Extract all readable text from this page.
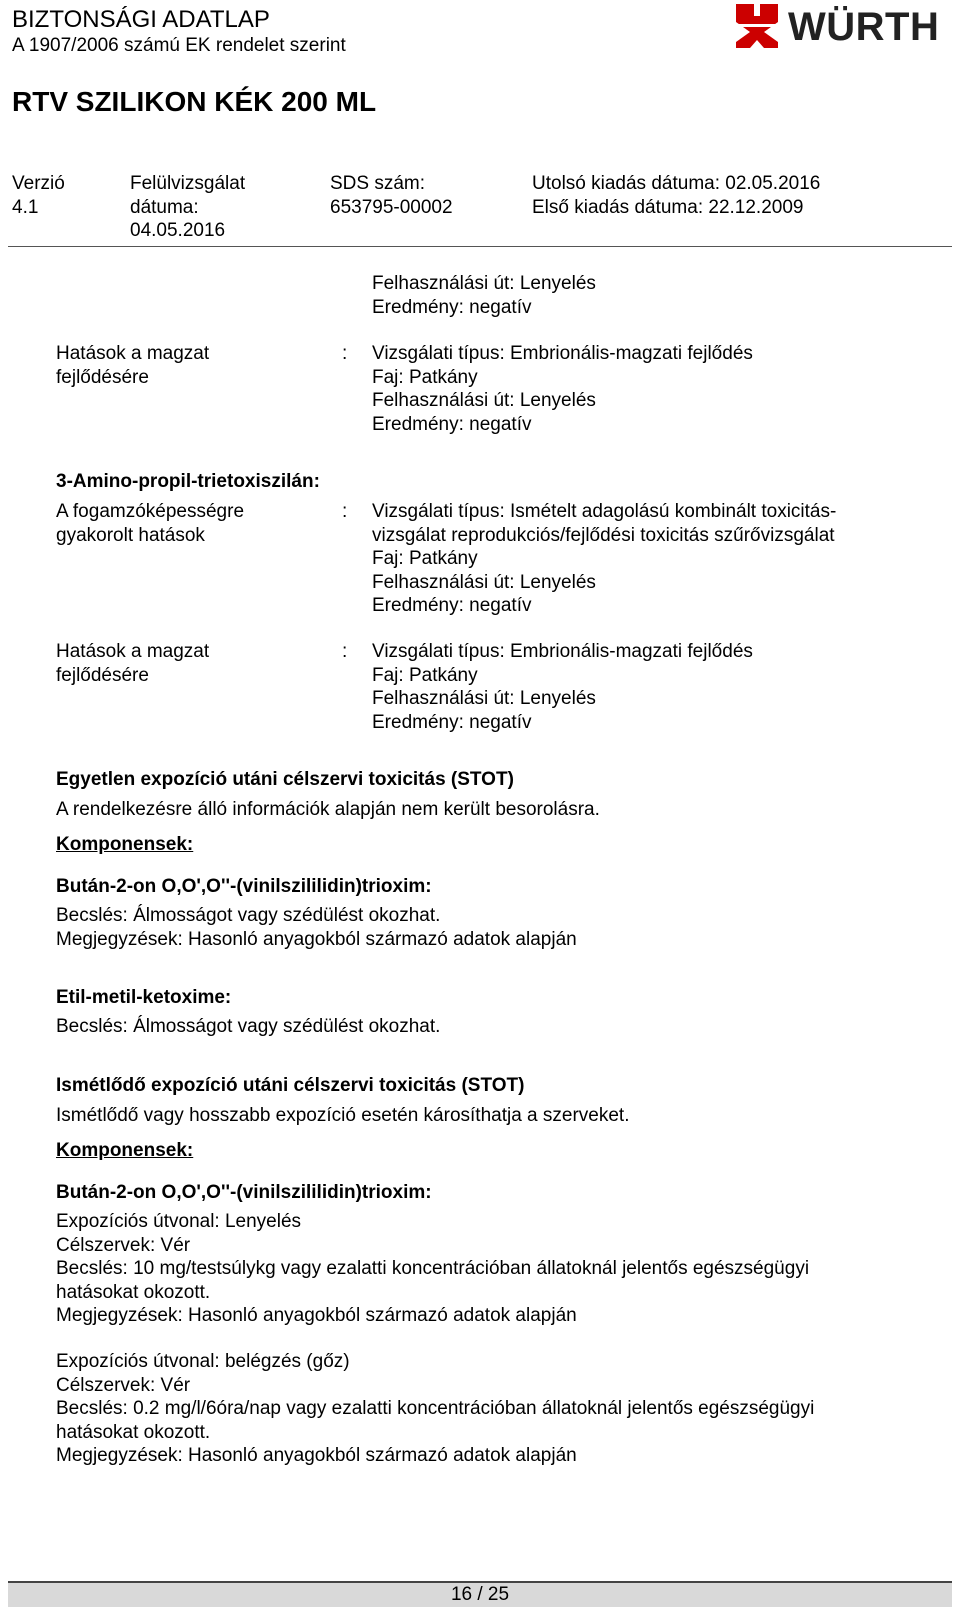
BIZTONSÁGI ADATLAP
A 1907/2006 számú EK rendelet szerint	WÜRTH
RTV SZILIKON KÉK 200 ML
Verzió
4.1
Felülvizsgálat
dátuma:
04.05.2016
SDS szám:
653795-00002
Utolsó kiadás dátuma: 02.05.2016
Első kiadás dátuma: 22.12.2009
Felhasználási út: Lenyelés
Eredmény: negatív
Hatások a magzat
fejlődésére
: Vizsgálati típus: Embrionális-magzati fejlődés
Faj: Patkány
Felhasználási út: Lenyelés
Eredmény: negatív
3-Amino-propil-trietoxiszilán:
A fogamzóképességre
gyakorolt hatások
: Vizsgálati típus: Ismételt adagolású kombinált toxicitás-
vizsgálat reprodukciós/fejlődési toxicitás szűrővizsgálat
Faj: Patkány
Felhasználási út: Lenyelés
Eredmény: negatív
Hatások a magzat
fejlődésére
: Vizsgálati típus: Embrionális-magzati fejlődés
Faj: Patkány
Felhasználási út: Lenyelés
Eredmény: negatív
Egyetlen expozíció utáni célszervi toxicitás (STOT)
A rendelkezésre álló információk alapján nem került besorolásra.
Komponensek:
Bután-2-on O,O',O''-(vinilszililidin)trioxim:
Becslés: Álmosságot vagy szédülést okozhat.
Megjegyzések: Hasonló anyagokból származó adatok alapján
Etil-metil-ketoxime:
Becslés: Álmosságot vagy szédülést okozhat.
Ismétlődő expozíció utáni célszervi toxicitás (STOT)
Ismétlődő vagy hosszabb expozíció esetén károsíthatja a szerveket.
Komponensek:
Bután-2-on O,O',O''-(vinilszililidin)trioxim:
Expozíciós útvonal: Lenyelés
Célszervek: Vér
Becslés: 10 mg/testsúlykg vagy ezalatti koncentrációban állatoknál jelentős egészségügyi
hatásokat okozott.
Megjegyzések: Hasonló anyagokból származó adatok alapján
Expozíciós útvonal: belégzés (gőz)
Célszervek: Vér
Becslés: 0.2 mg/l/6óra/nap vagy ezalatti koncentrációban állatoknál jelentős egészségügyi
hatásokat okozott.
Megjegyzések: Hasonló anyagokból származó adatok alapján
16 / 25
